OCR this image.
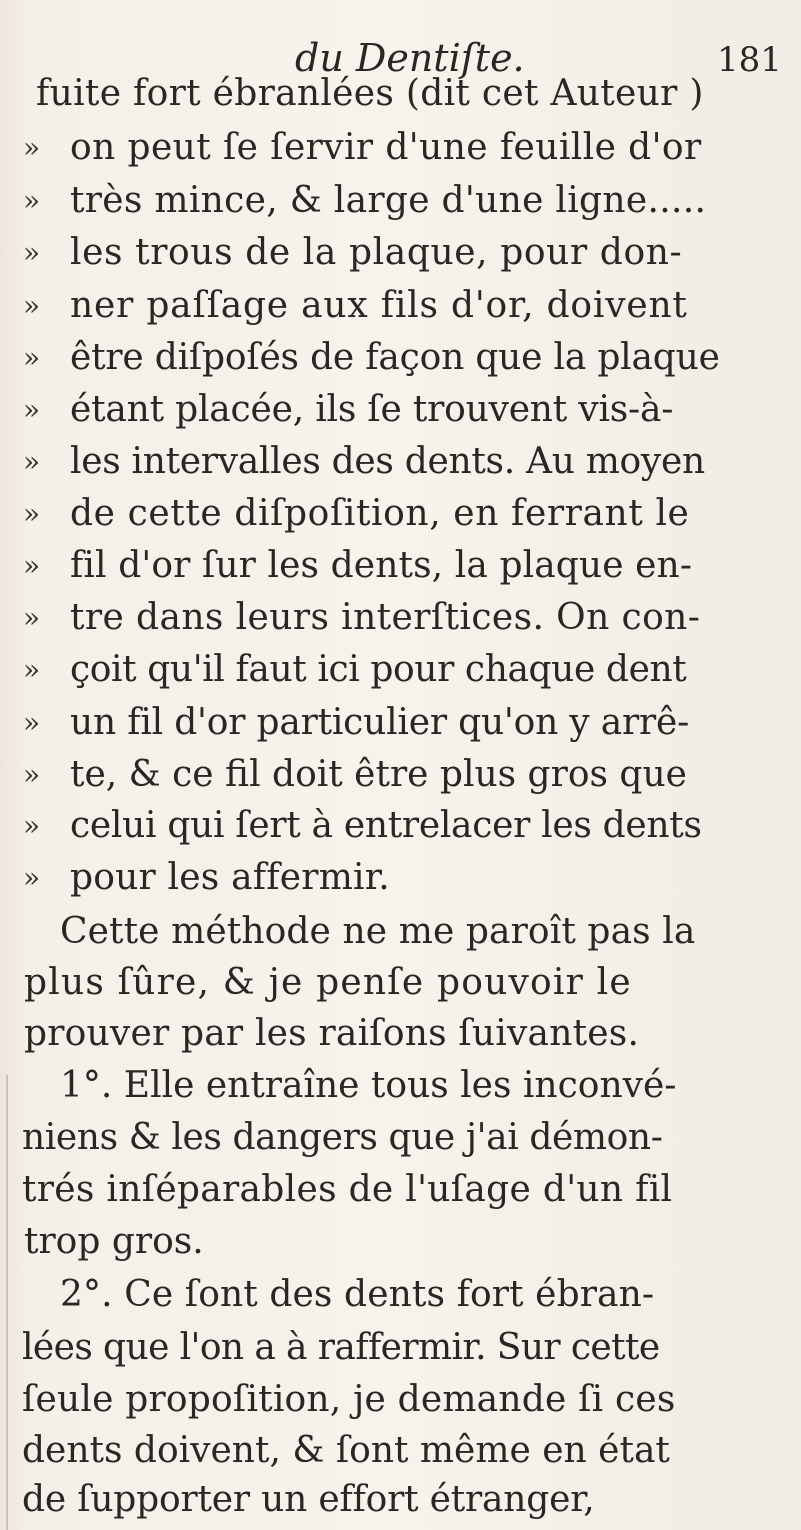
du Dentiſte.	181
fuite fort ébranlées (dit cet Auteur )
» on peut ſe ſervir d'une feuille d'or
» très mince, & large d'une ligne.....
» les trous de la plaque, pour don-
» ner paſſage aux fils d'or, doivent
» être diſpoſés de façon que la plaque
» étant placée, ils ſe trouvent vis-à-
» les intervalles des dents. Au moyen
» de cette diſpoſition, en ferrant le
» fil d'or ſur les dents, la plaque en-
» tre dans leurs interſtices. On con-
» çoit qu'il faut ici pour chaque dent
» un fil d'or particulier qu'on y arrê-
» te, & ce fil doit être plus gros que
» celui qui ſert à entrelacer les dents
» pour les affermir.
Cette méthode ne me paroît pas la
plus ſûre, & je penſe pouvoir le
prouver par les raiſons ſuivantes.
1°. Elle entraîne tous les inconvé-
niens & les dangers que j'ai démon-
trés inſéparables de l'uſage d'un fil
trop gros.
2°. Ce ſont des dents fort ébran-
lées que l'on a à raffermir. Sur cette
ſeule propoſition, je demande ſi ces
dents doivent, & ſont même en état
de ſupporter un effort étranger,
